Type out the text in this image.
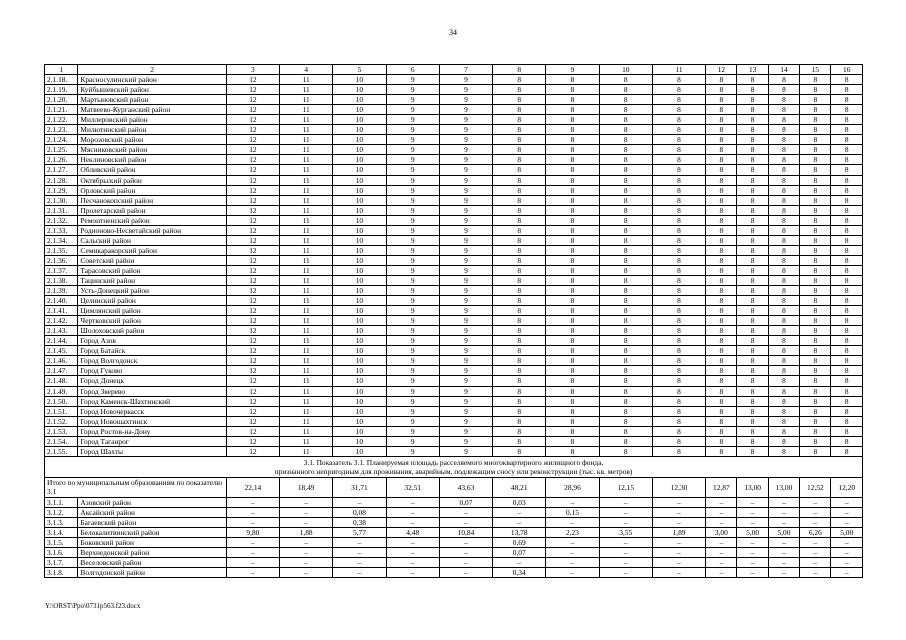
34
1	2	3	4	5	6	7	8	9	10	11	12	13	14	15	16
2.1.18.	Красносулинский район	12	11	10	9	9	8	8	8	8	8	8	8	8	8
2.1.19.	Куйбышевский район	12	11	10	9	9	8	8	8	8	8	8	8	8	8
2.1.20.	Мартыновский район	12	11	10	9	9	8	8	8	8	8	8	8	8	8
2.1.21.	Матвеево-Курганский район	12	11	10	9	9	8	8	8	8	8	8	8	8	8
2.1.22.	Миллеровский район	12	11	10	9	9	8	8	8	8	8	8	8	8	8
2.1.23.	Милютинский район	12	11	10	9	9	8	8	8	8	8	8	8	8	8
2.1.24.	Морозовский район	12	11	10	9	9	8	8	8	8	8	8	8	8	8
2.1.25.	Мясниковский район	12	11	10	9	9	8	8	8	8	8	8	8	8	8
2.1.26.	Неклиновский район	12	11	10	9	9	8	8	8	8	8	8	8	8	8
2.1.27.	Обливский район	12	11	10	9	9	8	8	8	8	8	8	8	8	8
2.1.28.	Октябрьский район	12	11	10	9	9	8	8	8	8	8	8	8	8	8
2.1.29.	Орловский район	12	11	10	9	9	8	8	8	8	8	8	8	8	8
2.1.30.	Песчанокопский район	12	11	10	9	9	8	8	8	8	8	8	8	8	8
2.1.31.	Пролетарский район	12	11	10	9	9	8	8	8	8	8	8	8	8	8
2.1.32.	Ремонтненский район	12	11	10	9	9	8	8	8	8	8	8	8	8	8
2.1.33.	Родионово-Несветайский район	12	11	10	9	9	8	8	8	8	8	8	8	8	8
2.1.34.	Сальский район	12	11	10	9	9	8	8	8	8	8	8	8	8	8
2.1.35.	Семикаракорский район	12	11	10	9	9	8	8	8	8	8	8	8	8	8
2.1.36.	Советский район	12	11	10	9	9	8	8	8	8	8	8	8	8	8
2.1.37.	Тарасовский район	12	11	10	9	9	8	8	8	8	8	8	8	8	8
2.1.38.	Тацинский район	12	11	10	9	9	8	8	8	8	8	8	8	8	8
2.1.39.	Усть-Донецкий район	12	11	10	9	9	8	8	8	8	8	8	8	8	8
2.1.40.	Целинский район	12	11	10	9	9	8	8	8	8	8	8	8	8	8
2.1.41.	Цимлянский район	12	11	10	9	9	8	8	8	8	8	8	8	8	8
2.1.42.	Чертковский район	12	11	10	9	9	8	8	8	8	8	8	8	8	8
2.1.43.	Шолоховский район	12	11	10	9	9	8	8	8	8	8	8	8	8	8
2.1.44.	Город Азов	12	11	10	9	9	8	8	8	8	8	8	8	8	8
2.1.45.	Город Батайск	12	11	10	9	9	8	8	8	8	8	8	8	8	8
2.1.46.	Город Волгодонск	12	11	10	9	9	8	8	8	8	8	8	8	8	8
2.1.47.	Город Гуково	12	11	10	9	9	8	8	8	8	8	8	8	8	8
2.1.48.	Город Донецк	12	11	10	9	9	8	8	8	8	8	8	8	8	8
2.1.49.	Город Зверево	12	11	10	9	9	8	8	8	8	8	8	8	8	8
2.1.50.	Город Каменск-Шахтинский	12	11	10	9	9	8	8	8	8	8	8	8	8	8
2.1.51.	Город Новочеркасск	12	11	10	9	9	8	8	8	8	8	8	8	8	8
2.1.52.	Город Новошахтинск	12	11	10	9	9	8	8	8	8	8	8	8	8	8
2.1.53.	Город Ростов-на-Дону	12	11	10	9	9	8	8	8	8	8	8	8	8	8
2.1.54.	Город Таганрог	12	11	10	9	9	8	8	8	8	8	8	8	8	8
2.1.55.	Город Шахты	12	11	10	9	9	8	8	8	8	8	8	8	8	8

3.1. Показатель 3.1. Планируемая площадь расселяемого многоквартирного жилищного фонда,
признанного непригодным для проживания, аварийным, подлежащим сносу или реконструкции (тыс. кв. метров)															

Итого по муниципальным образованиям по показателю 3.1		22,14	18,49	31,71	32,51	43,63	48,21	28,96	12,15	12,30	12,87	13,00	13,00	12,52	12,20
3.1.1.	Азовский район	–	–	–	–	0,07	0,03	–	–	–	–	–	–	–	–
3.1.2.	Аксайский район	–	–	0,08	–	–	–	0,15	–	–	–	–	–	–	–
3.1.3.	Багаевский район	–	–	0,38	–	–	–	–	–	–	–	–	–	–	–
3.1.4.	Белокалитвинский район	9,80	1,88	5,77	4,48	10,84	13,78	2,23	3,55	1,89	3,00	5,00	5,00	6,26	5,00
3.1.5.	Боковский район	–	–	–	–	–	0,69	–	–	–	–	–	–	–	–
3.1.6.	Верхнедонской район	–	–	–	–	–	0,07	–	–	–	–	–	–	–	–
3.1.7.	Веселовский район	–	–	–	–	–	–	–	–	–	–	–	–	–	–
3.1.8.	Волгодонской район	–	–	–	–	–	0,34	–	–	–	–	–	–	–	–
Y:\ORST\Ppo\0731p563.f23.docx
